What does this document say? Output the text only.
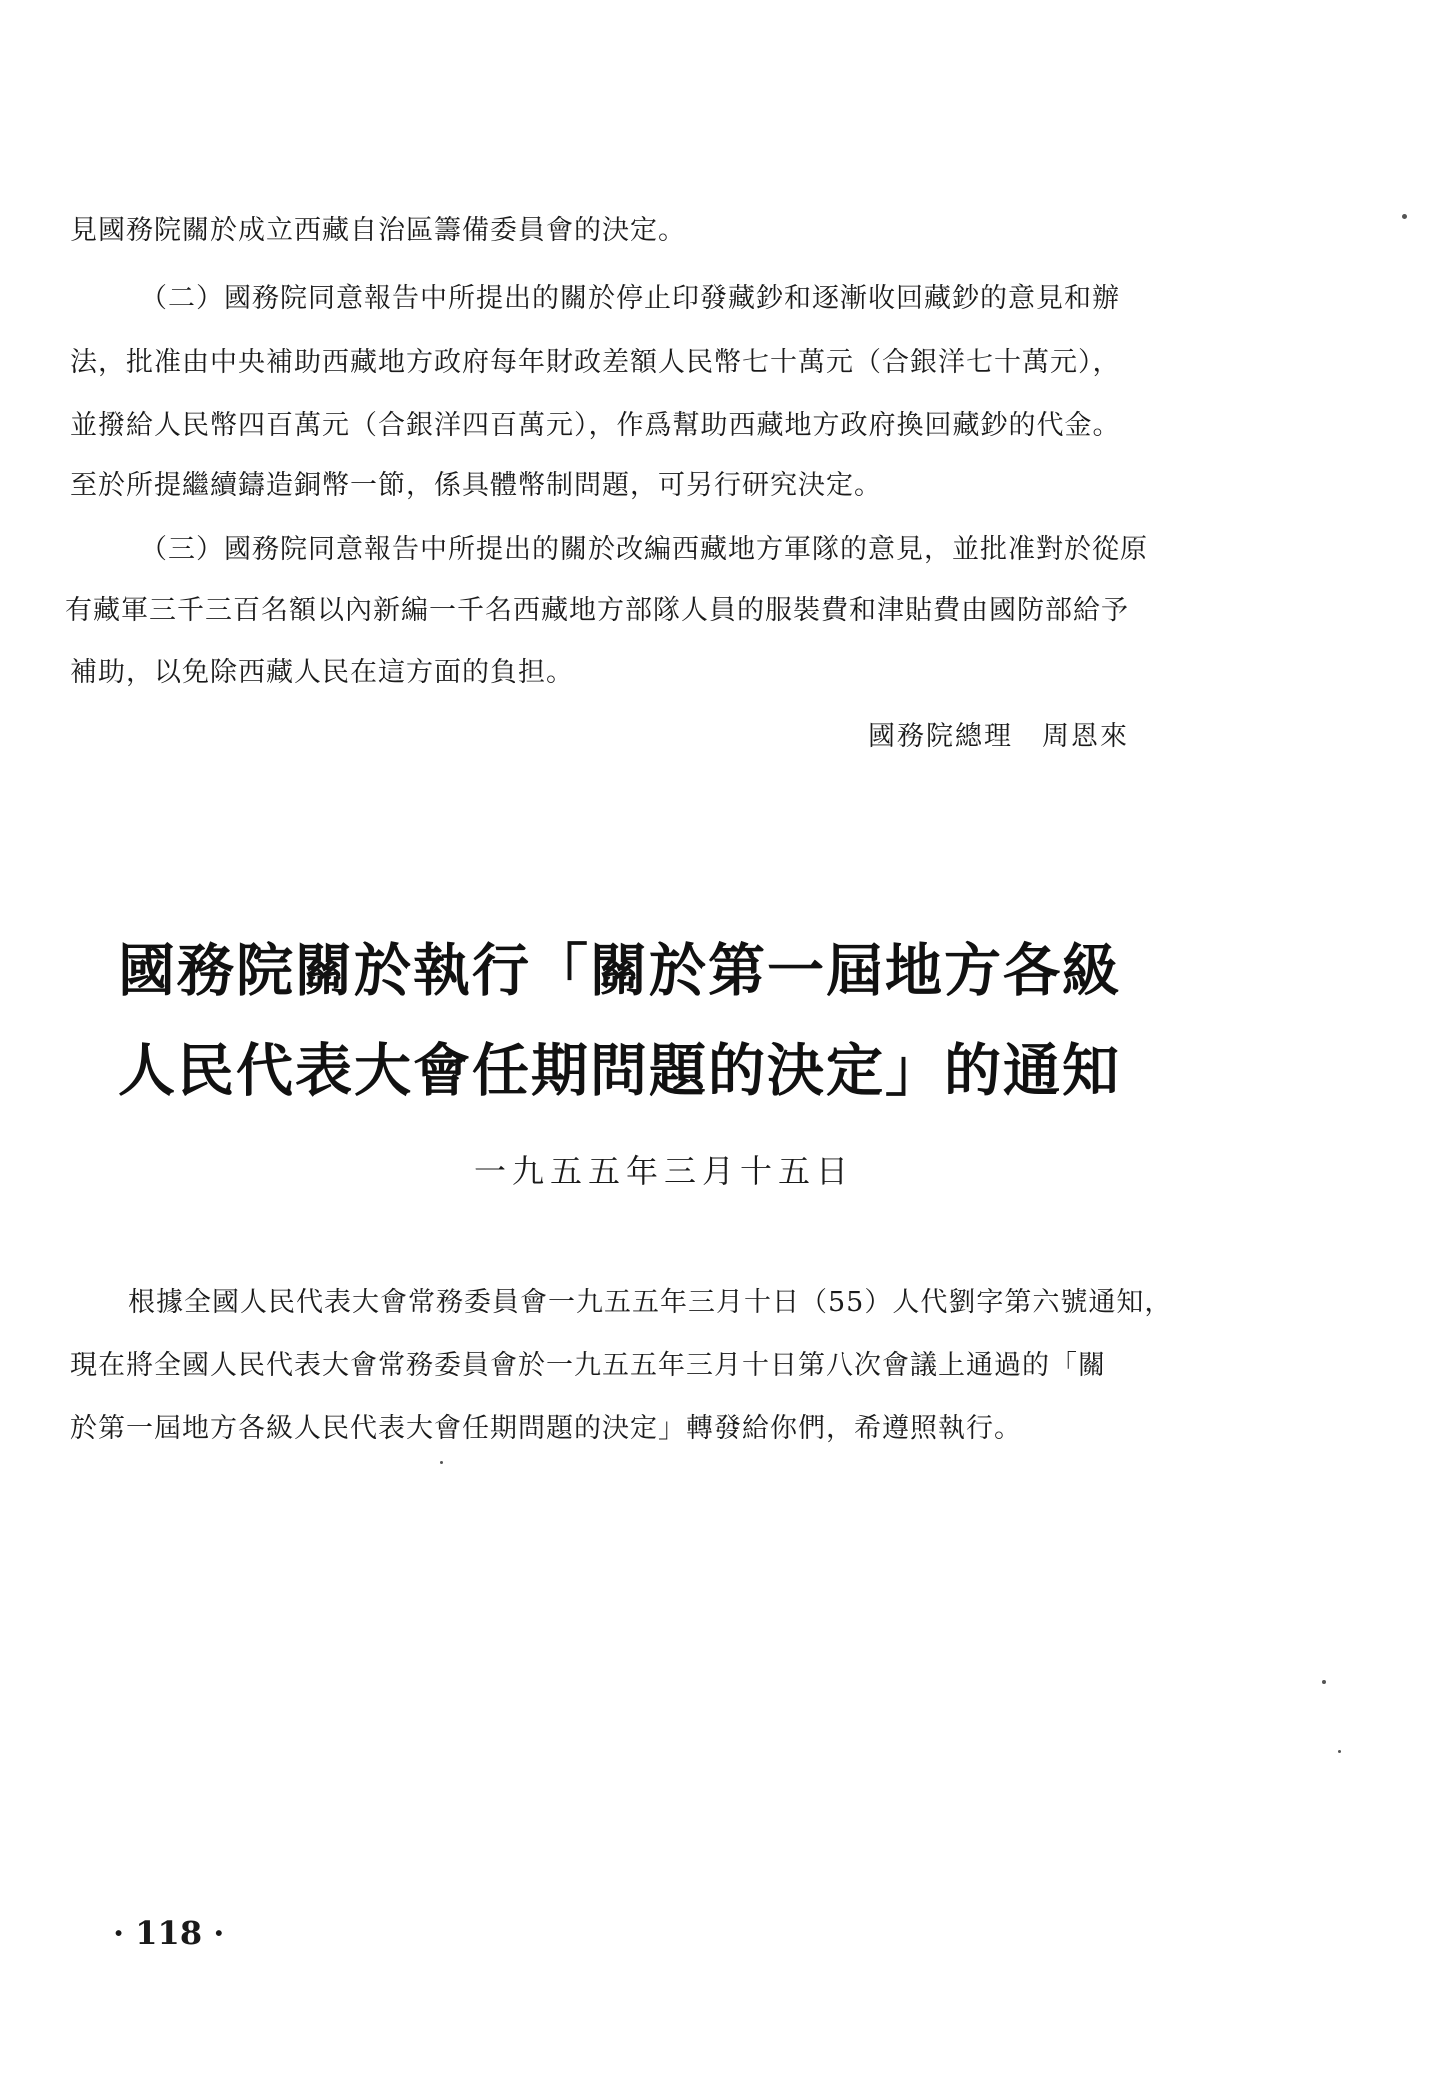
見國務院關於成立西藏自治區籌備委員會的決定。
（二）國務院同意報告中所提出的關於停止印發藏鈔和逐漸收回藏鈔的意見和辦
法，批准由中央補助西藏地方政府每年財政差額人民幣七十萬元（合銀洋七十萬元），
並撥給人民幣四百萬元（合銀洋四百萬元），作爲幫助西藏地方政府換回藏鈔的代金。
至於所提繼續鑄造銅幣一節，係具體幣制問題，可另行研究決定。
（三）國務院同意報告中所提出的關於改編西藏地方軍隊的意見，並批准對於從原
有藏軍三千三百名額以內新編一千名西藏地方部隊人員的服裝費和津貼費由國防部給予
補助，以免除西藏人民在這方面的負担。
國務院總理　周恩來
國務院關於執行「關於第一屆地方各級
人民代表大會任期問題的決定」的通知
一九五五年三月十五日
根據全國人民代表大會常務委員會一九五五年三月十日（55）人代劉字第六號通知，
現在將全國人民代表大會常務委員會於一九五五年三月十日第八次會議上通過的「關
於第一屆地方各級人民代表大會任期問題的決定」轉發給你們，希遵照執行。
· 118 ·
